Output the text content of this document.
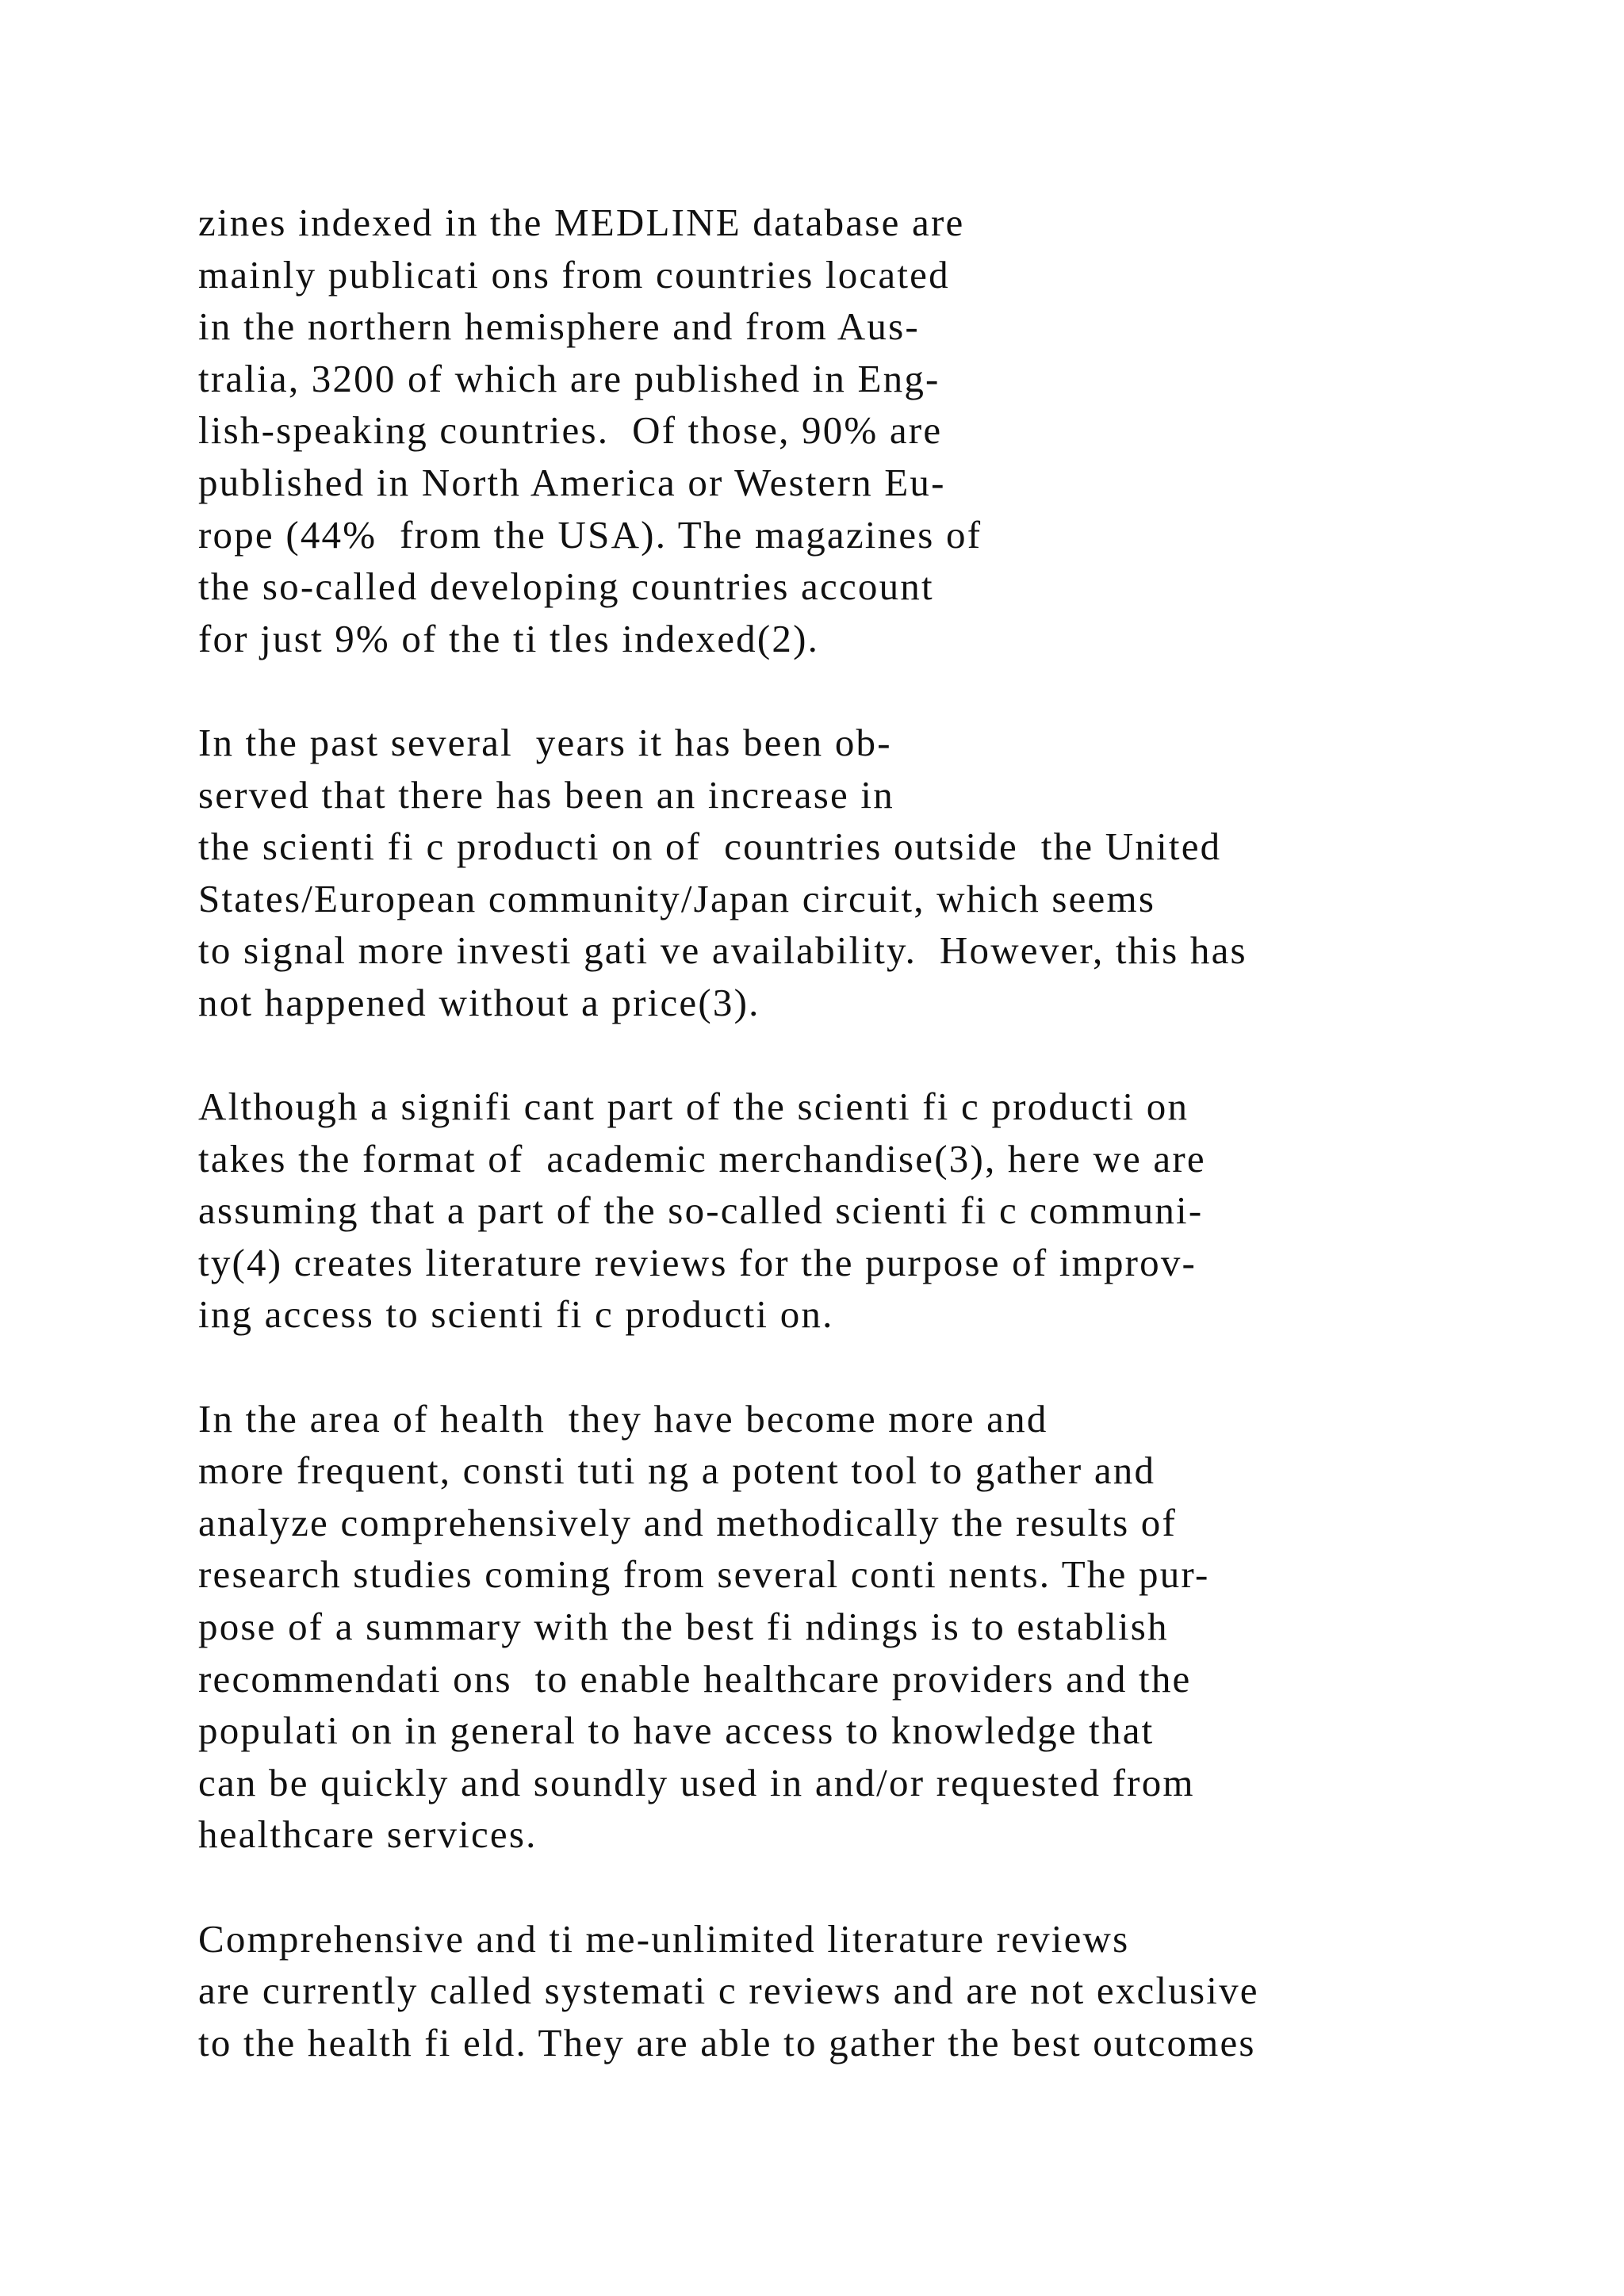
zines indexed in the MEDLINE database are
mainly publicati ons from countries located
in the northern hemisphere and from Aus-
tralia, 3200 of which are published in Eng-
lish-speaking countries.  Of those, 90% are
published in North America or Western Eu-
rope (44%  from the USA). The magazines of
the so-called developing countries account
for just 9% of the ti tles indexed(2).

In the past several  years it has been ob-
served that there has been an increase in
the scienti fi c producti on of  countries outside  the United
States/European community/Japan circuit, which seems
to signal more investi gati ve availability.  However, this has
not happened without a price(3).

Although a signifi cant part of the scienti fi c producti on
takes the format of  academic merchandise(3), here we are
assuming that a part of the so-called scienti fi c communi-
ty(4) creates literature reviews for the purpose of improv-
ing access to scienti fi c producti on.

In the area of health  they have become more and
more frequent, consti tuti ng a potent tool to gather and
analyze comprehensively and methodically the results of
research studies coming from several conti nents. The pur-
pose of a summary with the best fi ndings is to establish
recommendati ons  to enable healthcare providers and the
populati on in general to have access to knowledge that
can be quickly and soundly used in and/or requested from
healthcare services.

Comprehensive and ti me-unlimited literature reviews
are currently called systemati c reviews and are not exclusive
to the health fi eld. They are able to gather the best outcomes
